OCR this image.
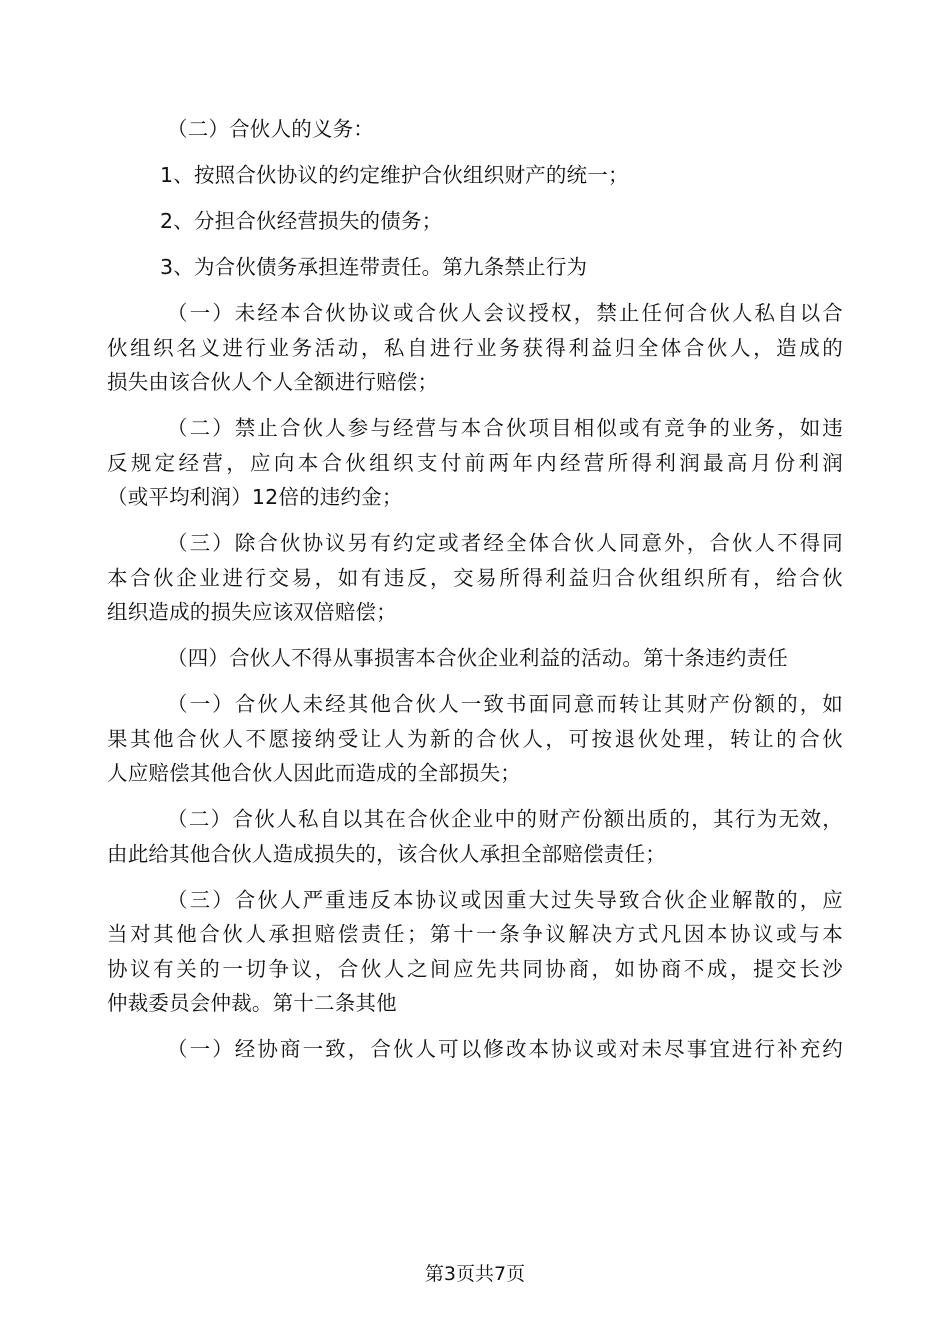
（二）合伙人的义务：
1、按照合伙协议的约定维护合伙组织财产的统一；
2、分担合伙经营损失的债务；
3、为合伙债务承担连带责任。第九条禁止行为
（一）未经本合伙协议或合伙人会议授权，禁止任何合伙人私自以合
伙组织名义进行业务活动，私自进行业务获得利益归全体合伙人，造成的
损失由该合伙人个人全额进行赔偿；
（二）禁止合伙人参与经营与本合伙项目相似或有竞争的业务，如违
反规定经营，应向本合伙组织支付前两年内经营所得利润最高月份利润
（或平均利润）12倍的违约金；
（三）除合伙协议另有约定或者经全体合伙人同意外，合伙人不得同
本合伙企业进行交易，如有违反，交易所得利益归合伙组织所有，给合伙
组织造成的损失应该双倍赔偿；
（四）合伙人不得从事损害本合伙企业利益的活动。第十条违约责任
（一）合伙人未经其他合伙人一致书面同意而转让其财产份额的，如
果其他合伙人不愿接纳受让人为新的合伙人，可按退伙处理，转让的合伙
人应赔偿其他合伙人因此而造成的全部损失；
（二）合伙人私自以其在合伙企业中的财产份额出质的，其行为无效，
由此给其他合伙人造成损失的，该合伙人承担全部赔偿责任；
（三）合伙人严重违反本协议或因重大过失导致合伙企业解散的，应
当对其他合伙人承担赔偿责任；第十一条争议解决方式凡因本协议或与本
协议有关的一切争议，合伙人之间应先共同协商，如协商不成，提交长沙
仲裁委员会仲裁。第十二条其他
（一）经协商一致，合伙人可以修改本协议或对未尽事宜进行补充约
第3页共7页
